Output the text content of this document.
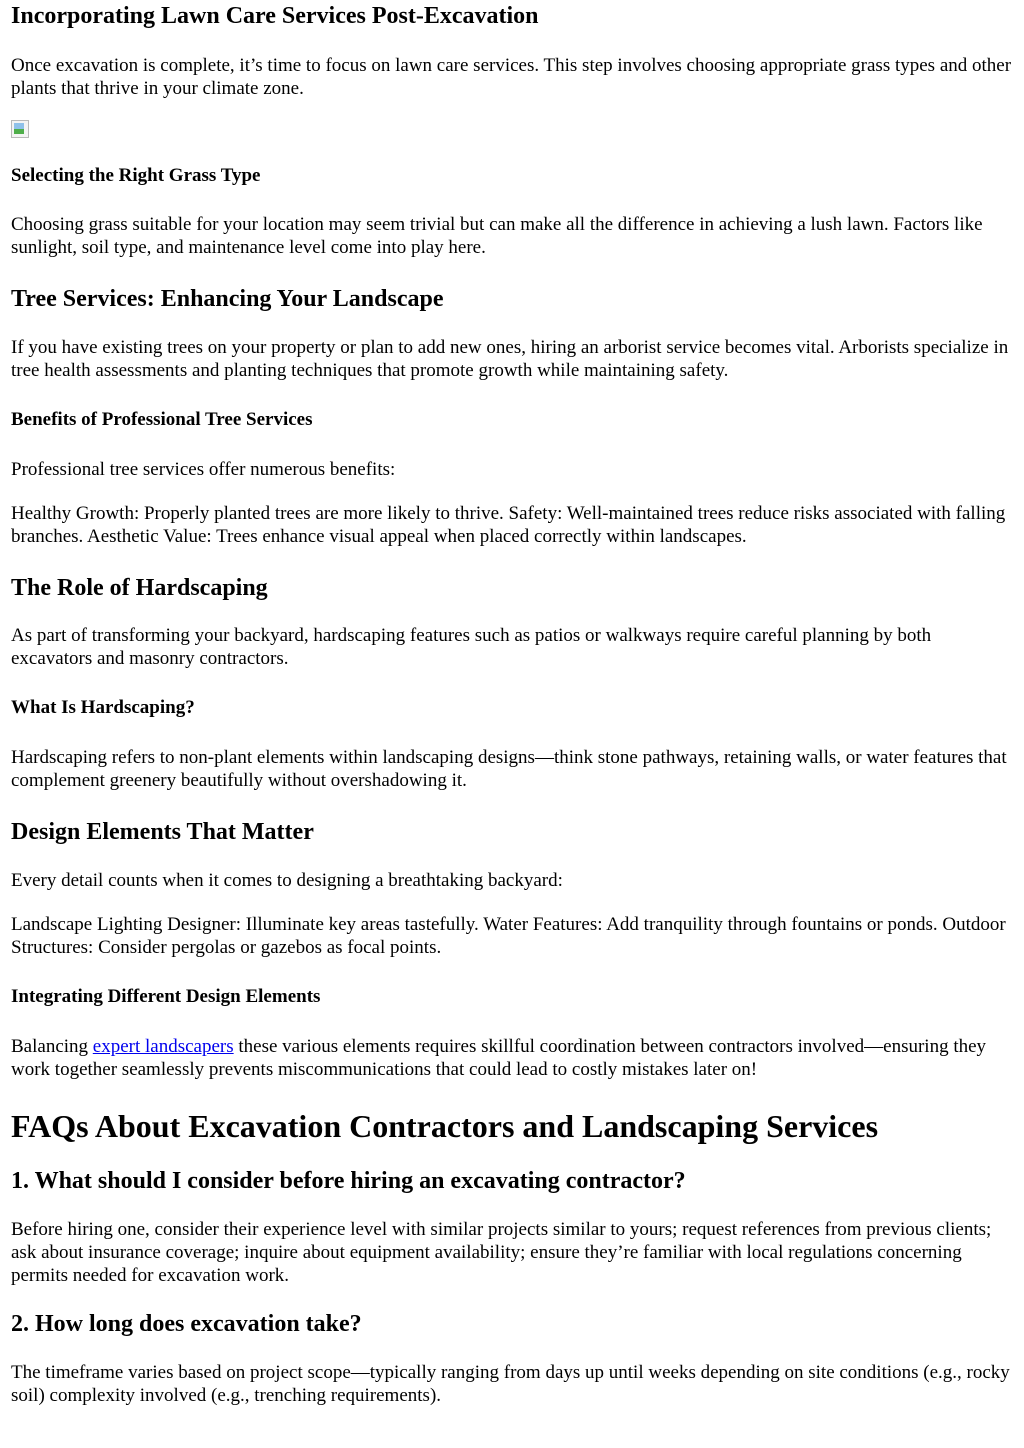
Incorporating Lawn Care Services Post-Excavation

Once excavation is complete, it’s time to focus on lawn care services. This step involves choosing appropriate grass types and other plants that thrive in your climate zone.

Selecting the Right Grass Type

Choosing grass suitable for your location may seem trivial but can make all the difference in achieving a lush lawn. Factors like sunlight, soil type, and maintenance level come into play here.

Tree Services: Enhancing Your Landscape

If you have existing trees on your property or plan to add new ones, hiring an arborist service becomes vital. Arborists specialize in tree health assessments and planting techniques that promote growth while maintaining safety.

Benefits of Professional Tree Services

Professional tree services offer numerous benefits:

Healthy Growth: Properly planted trees are more likely to thrive. Safety: Well-maintained trees reduce risks associated with falling branches. Aesthetic Value: Trees enhance visual appeal when placed correctly within landscapes.

The Role of Hardscaping

As part of transforming your backyard, hardscaping features such as patios or walkways require careful planning by both excavators and masonry contractors.

What Is Hardscaping?

Hardscaping refers to non-plant elements within landscaping designs—think stone pathways, retaining walls, or water features that complement greenery beautifully without overshadowing it.

Design Elements That Matter

Every detail counts when it comes to designing a breathtaking backyard:

Landscape Lighting Designer: Illuminate key areas tastefully. Water Features: Add tranquility through fountains or ponds. Outdoor Structures: Consider pergolas or gazebos as focal points.

Integrating Different Design Elements

Balancing expert landscapers these various elements requires skillful coordination between contractors involved—ensuring they work together seamlessly prevents miscommunications that could lead to costly mistakes later on!

FAQs About Excavation Contractors and Landscaping Services
1. What should I consider before hiring an excavating contractor?

Before hiring one, consider their experience level with similar projects similar to yours; request references from previous clients; ask about insurance coverage; inquire about equipment availability; ensure they’re familiar with local regulations concerning permits needed for excavation work.

2. How long does excavation take?

The timeframe varies based on project scope—typically ranging from days up until weeks depending on site conditions (e.g., rocky soil) complexity involved (e.g., trenching requirements).
